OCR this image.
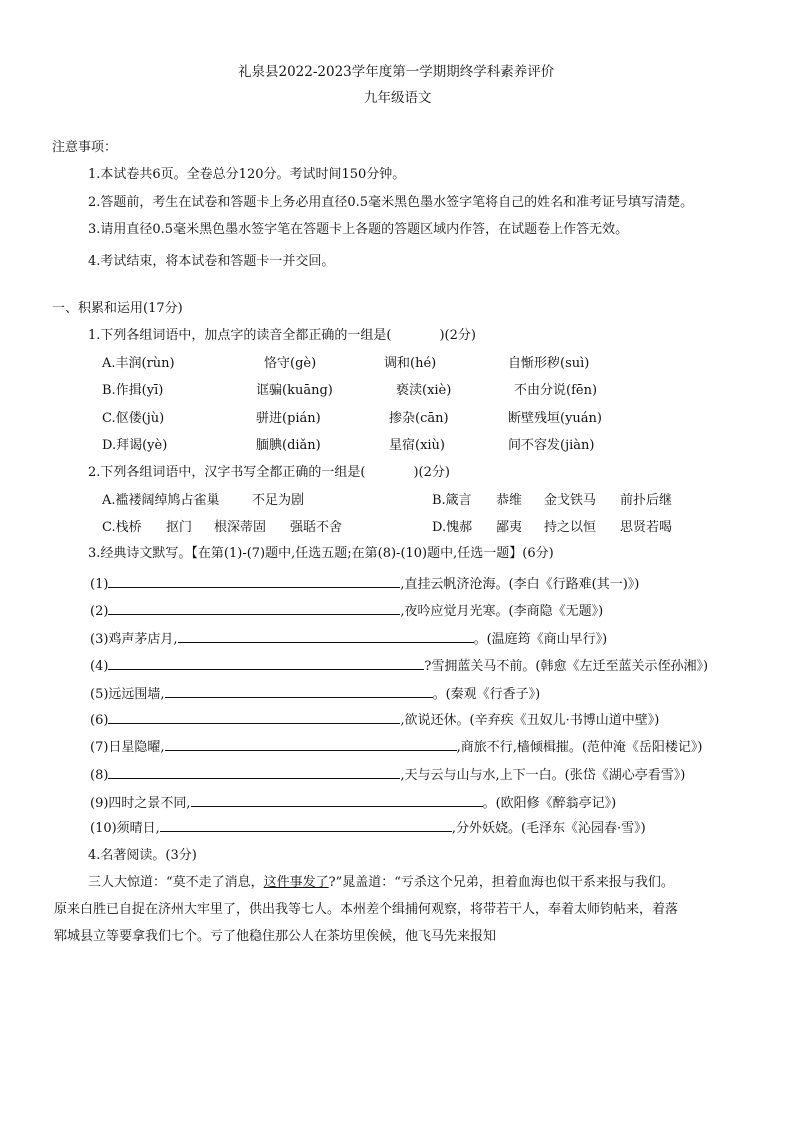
礼泉县2022-2023学年度第一学期期终学科素养评价
九年级语文
注意事项：
1.本试卷共6页。全卷总分120分。考试时间150分钟。
2.答题前，考生在试卷和答题卡上务必用直径0.5毫米黑色墨水签字笔将自己的姓名和准考证号填写清楚。
3.请用直径0.5毫米黑色墨水签字笔在答题卡上各题的答题区域内作答，在试题卷上作答无效。
4.考试结束，将本试卷和答题卡一并交回。
一、积累和运用(17分)
1.下列各组词语中，加点字的读音全都正确的一组是(	)(2分)
A.丰润(rùn)	恪守(gè)	调和(hé)	自惭形秽(suì)
B.作揖(yī)	诓骗(kuāng)	亵渎(xiè)	不由分说(fēn)
C.伛偻(jù)	骈进(pián)	掺杂(cān)	断壁残垣(yuán)
D.拜谒(yè)	腼腆(diǎn)	星宿(xiù)	间不容发(jiàn)
2.下列各组词语中，汉字书写全都正确的一组是(	)(2分)
A.褴褛阔绰鸠占雀巢 不足为剧	B.箴言 恭维 金戈铁马 前扑后继
C.栈桥 抠门 根深蒂固 强聒不舍	D.愧郝 鄙夷 持之以恒 思贤若喝
3.经典诗文默写。【在第(1)-(7)题中,任选五题;在第(8)-(10)题中,任选一题】(6分)
(1)	,直挂云帆济沧海。(李白《行路难(其一)》)
(2)	,夜吟应觉月光寒。(李商隐《无题》)
(3)鸡声茅店月,	。(温庭筠《商山早行》)
(4)	?雪拥蓝关马不前。(韩愈《左迁至蓝关示侄孙湘》)
(5)远远围墙,	。(秦观《行香子》)
(6)	,欲说还休。(辛弃疾《丑奴儿·书博山道中壁》)
(7)日星隐曜,	,商旅不行,樯倾楫摧。(范仲淹《岳阳楼记》)
(8)	,天与云与山与水,上下一白。(张岱《湖心亭看雪》)
(9)四时之景不同,	。(欧阳修《醉翁亭记》)
(10)须晴日,	,分外妖娆。(毛泽东《沁园春·雪》)
4.名著阅读。(3分)
三人大惊道：“莫不走了消息，这件事发了?”晁盖道：“亏杀这个兄弟，担着血海也似干系来报与我们。
原来白胜已自捉在济州大牢里了，供出我等七人。本州差个缉捕何观察，将带若干人，奉着太师钧帖来，着落
郓城县立等要拿我们七个。亏了他稳住那公人在茶坊里俟候，他飞马先来报知
